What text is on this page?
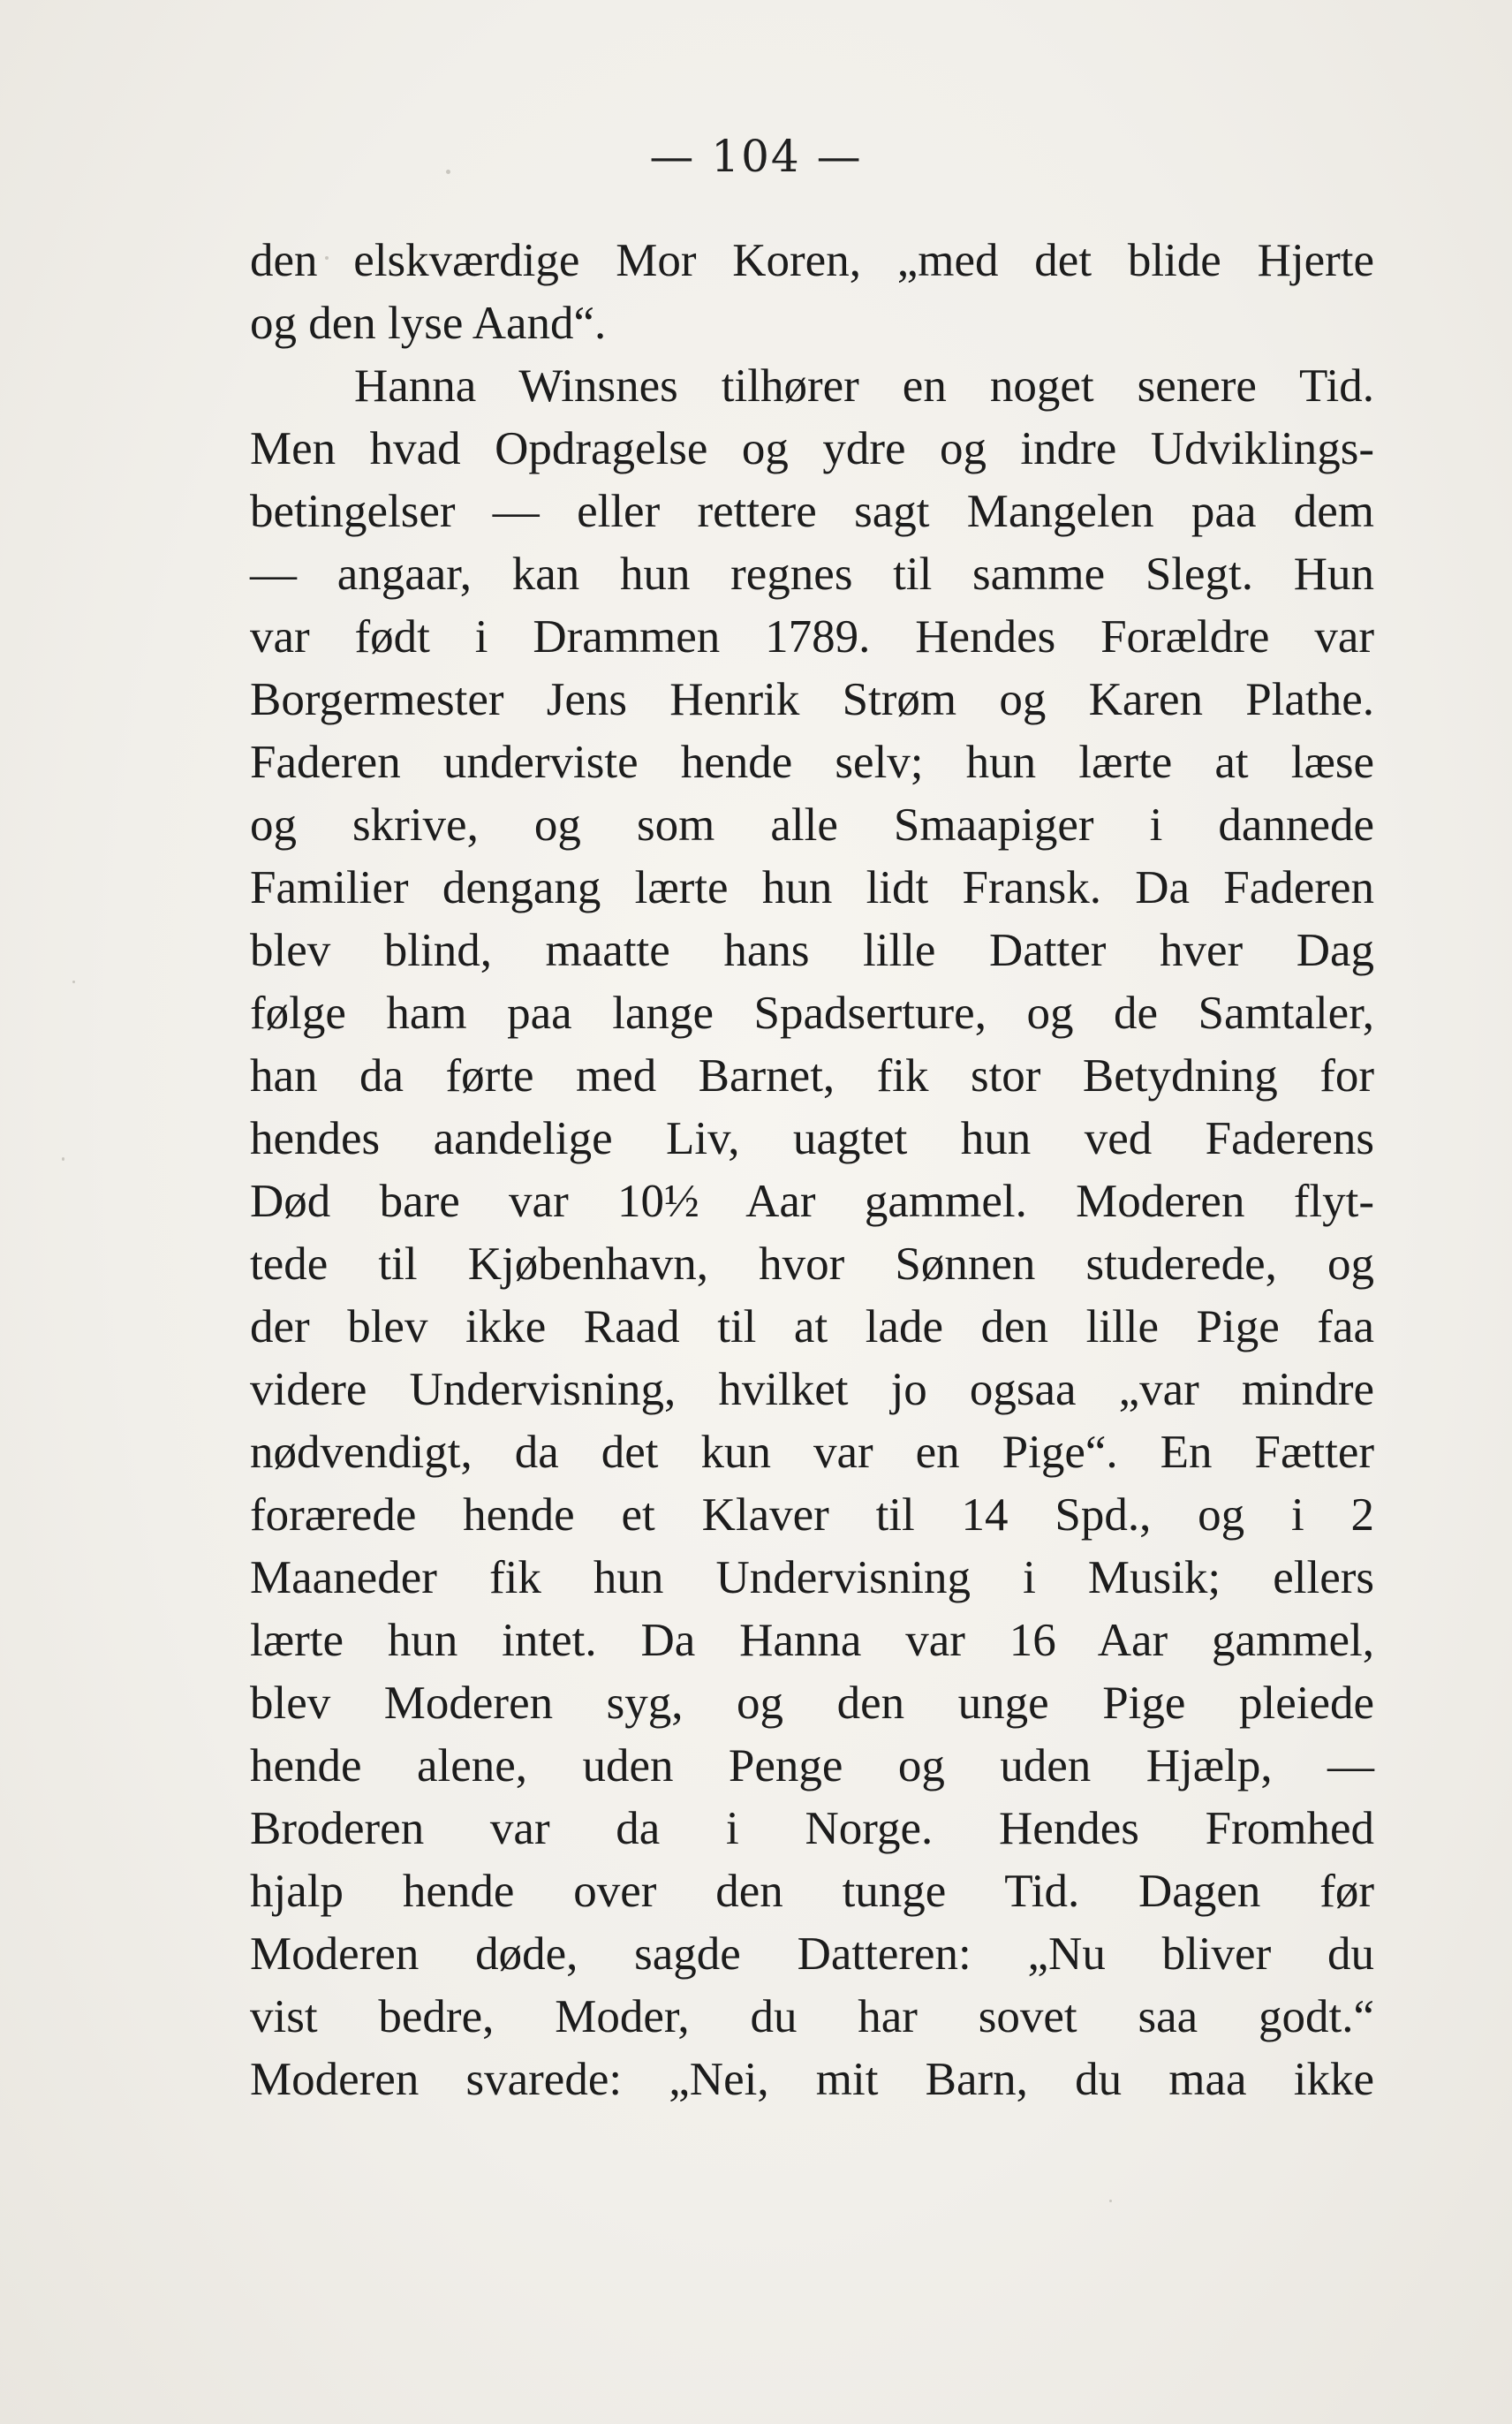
— 104 —
den elskværdige Mor Koren, „med det blide Hjerte
og den lyse Aand“.
Hanna Winsnes tilhører en noget senere Tid.
Men hvad Opdragelse og ydre og indre Udviklings-
betingelser — eller rettere sagt Mangelen paa dem
— angaar, kan hun regnes til samme Slegt. Hun
var født i Drammen 1789. Hendes Forældre var
Borgermester Jens Henrik Strøm og Karen Plathe.
Faderen underviste hende selv; hun lærte at læse
og skrive, og som alle Smaapiger i dannede
Familier dengang lærte hun lidt Fransk. Da Faderen
blev blind, maatte hans lille Datter hver Dag
følge ham paa lange Spadserture, og de Samtaler,
han da førte med Barnet, fik stor Betydning for
hendes aandelige Liv, uagtet hun ved Faderens
Død bare var 10½ Aar gammel. Moderen flyt-
tede til Kjøbenhavn, hvor Sønnen studerede, og
der blev ikke Raad til at lade den lille Pige faa
videre Undervisning, hvilket jo ogsaa „var mindre
nødvendigt, da det kun var en Pige“. En Fætter
forærede hende et Klaver til 14 Spd., og i 2
Maaneder fik hun Undervisning i Musik; ellers
lærte hun intet. Da Hanna var 16 Aar gammel,
blev Moderen syg, og den unge Pige pleiede
hende alene, uden Penge og uden Hjælp, —
Broderen var da i Norge. Hendes Fromhed
hjalp hende over den tunge Tid. Dagen før
Moderen døde, sagde Datteren: „Nu bliver du
vist bedre, Moder, du har sovet saa godt.“
Moderen svarede: „Nei, mit Barn, du maa ikke
